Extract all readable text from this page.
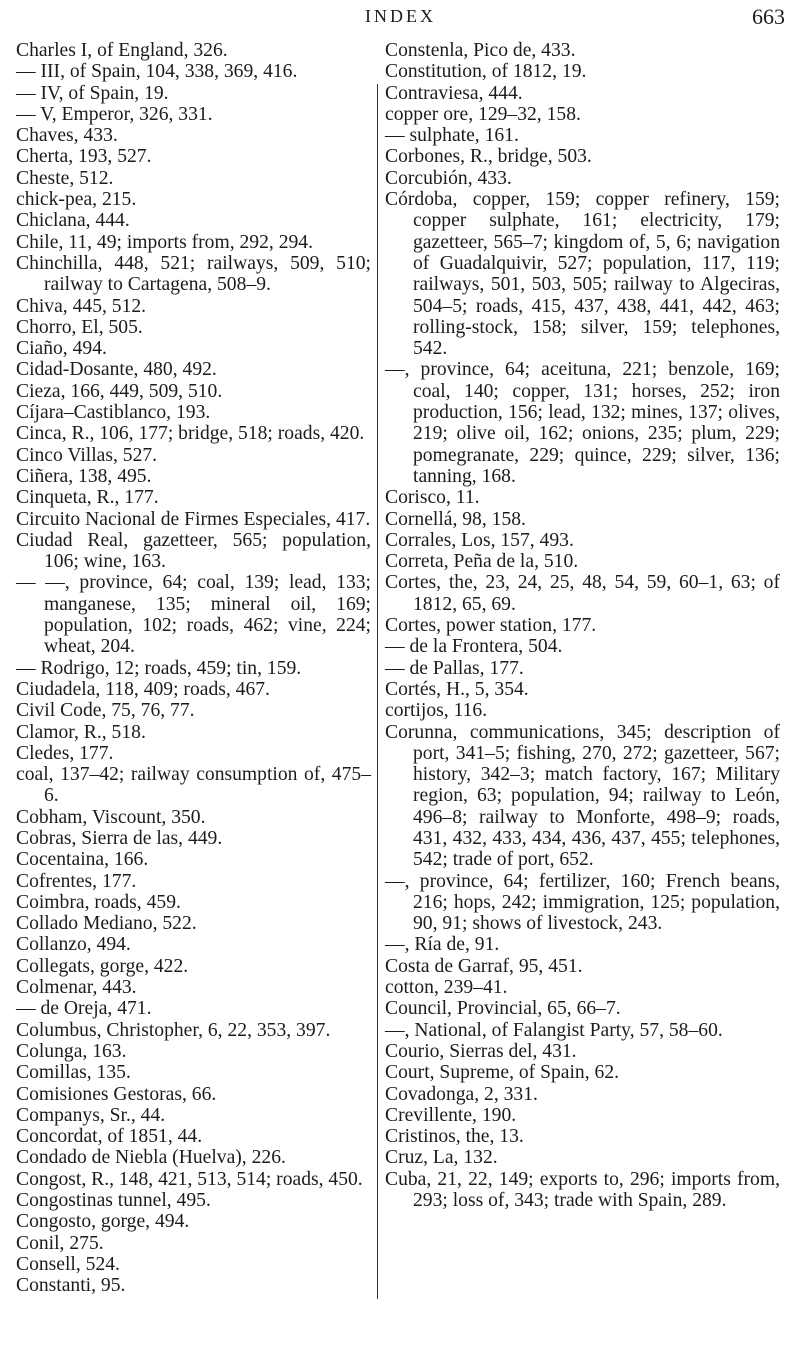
INDEX	663

Charles I, of England, 326.

— III, of Spain, 104, 338, 369, 416.

— IV, of Spain, 19.

— V, Emperor, 326, 331.

Chaves, 433.

Cherta, 193, 527.

Cheste, 512.

chick-pea, 215.

Chiclana, 444.

Chile, 11, 49; imports from, 292, 294.

Chinchilla, 448, 521; railways, 509, 510; railway to Cartagena, 508–9.

Chiva, 445, 512.

Chorro, El, 505.

Ciaño, 494.

Cidad-Dosante, 480, 492.

Cieza, 166, 449, 509, 510.

Cíjara–Castiblanco, 193.

Cinca, R., 106, 177; bridge, 518; roads, 420.

Cinco Villas, 527.

Ciñera, 138, 495.

Cinqueta, R., 177.

Circuito Nacional de Firmes Especiales, 417.

Ciudad Real, gazetteer, 565; population, 106; wine, 163.

— —, province, 64; coal, 139; lead, 133; manganese, 135; mineral oil, 169; population, 102; roads, 462; vine, 224; wheat, 204.

— Rodrigo, 12; roads, 459; tin, 159.

Ciudadela, 118, 409; roads, 467.

Civil Code, 75, 76, 77.

Clamor, R., 518.

Cledes, 177.

coal, 137–42; railway consumption of, 475–6.

Cobham, Viscount, 350.

Cobras, Sierra de las, 449.

Cocentaina, 166.

Cofrentes, 177.

Coimbra, roads, 459.

Collado Mediano, 522.

Collanzo, 494.

Collegats, gorge, 422.

Colmenar, 443.

— de Oreja, 471.

Columbus, Christopher, 6, 22, 353, 397.

Colunga, 163.

Comillas, 135.

Comisiones Gestoras, 66.

Companys, Sr., 44.

Concordat, of 1851, 44.

Condado de Niebla (Huelva), 226.

Congost, R., 148, 421, 513, 514; roads, 450.

Congostinas tunnel, 495.

Congosto, gorge, 494.

Conil, 275.

Consell, 524.

Constanti, 95.

Constenla, Pico de, 433.

Constitution, of 1812, 19.

Contraviesa, 444.

copper ore, 129–32, 158.

— sulphate, 161.

Corbones, R., bridge, 503.

Corcubión, 433.

Córdoba, copper, 159; copper refinery, 159; copper sulphate, 161; electricity, 179; gazetteer, 565–7; kingdom of, 5, 6; navigation of Guadalquivir, 527; population, 117, 119; railways, 501, 503, 505; railway to Algeciras, 504–5; roads, 415, 437, 438, 441, 442, 463; rolling-stock, 158; silver, 159; telephones, 542.

—, province, 64; aceituna, 221; benzole, 169; coal, 140; copper, 131; horses, 252; iron production, 156; lead, 132; mines, 137; olives, 219; olive oil, 162; onions, 235; plum, 229; pomegranate, 229; quince, 229; silver, 136; tanning, 168.

Corisco, 11.

Cornellá, 98, 158.

Corrales, Los, 157, 493.

Correta, Peña de la, 510.

Cortes, the, 23, 24, 25, 48, 54, 59, 60–1, 63; of 1812, 65, 69.

Cortes, power station, 177.

— de la Frontera, 504.

— de Pallas, 177.

Cortés, H., 5, 354.

cortijos, 116.

Corunna, communications, 345; description of port, 341–5; fishing, 270, 272; gazetteer, 567; history, 342–3; match factory, 167; Military region, 63; population, 94; railway to León, 496–8; railway to Monforte, 498–9; roads, 431, 432, 433, 434, 436, 437, 455; telephones, 542; trade of port, 652.

—, province, 64; fertilizer, 160; French beans, 216; hops, 242; immigration, 125; population, 90, 91; shows of livestock, 243.

—, Ría de, 91.

Costa de Garraf, 95, 451.

cotton, 239–41.

Council, Provincial, 65, 66–7.

—, National, of Falangist Party, 57, 58–60.

Courio, Sierras del, 431.

Court, Supreme, of Spain, 62.

Covadonga, 2, 331.

Crevillente, 190.

Cristinos, the, 13.

Cruz, La, 132.

Cuba, 21, 22, 149; exports to, 296; imports from, 293; loss of, 343; trade with Spain, 289.
